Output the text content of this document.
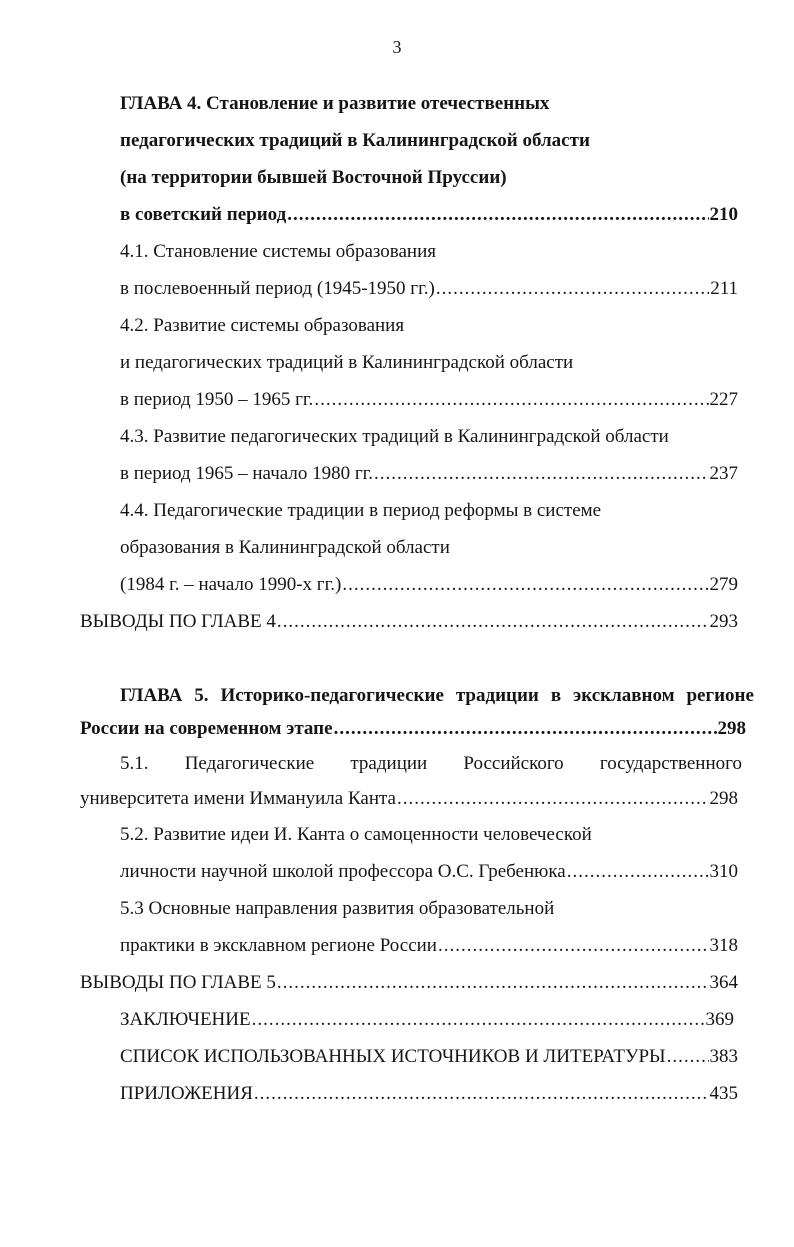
3
ГЛАВА 4. Становление и развитие отечественных
педагогических традиций в Калининградской области
(на территории бывшей Восточной Пруссии)
в советский период .....	210
4.1. Становление системы образования
в послевоенный период (1945-1950 гг.) .....	211
4.2. Развитие системы образования
и педагогических традиций в Калининградской области
в период 1950 – 1965 гг. .....	227
4.3. Развитие педагогических традиций в Калининградской области
в период 1965 – начало 1980 гг. .....	237
4.4. Педагогические традиции в период реформы в системе
образования в Калининградской области
(1984 г. – начало 1990-х гг.) .....	279
ВЫВОДЫ ПО ГЛАВЕ 4 .....	293
ГЛАВА 5. Историко-педагогические традиции в эксклавном регионе
России на современном этапе .....	298
5.1. Педагогические традиции Российского государственного
университета имени Иммануила Канта .....	298
5.2. Развитие идеи И. Канта о самоценности человеческой
личности научной школой профессора О.С. Гребенюка .....	310
5.3 Основные направления развития образовательной
практики в эксклавном регионе России .....	318
ВЫВОДЫ ПО ГЛАВЕ 5 .....	364
ЗАКЛЮЧЕНИЕ .....	369
СПИСОК ИСПОЛЬЗОВАННЫХ ИСТОЧНИКОВ И ЛИТЕРАТУРЫ ..... 383
ПРИЛОЖЕНИЯ .....	435
